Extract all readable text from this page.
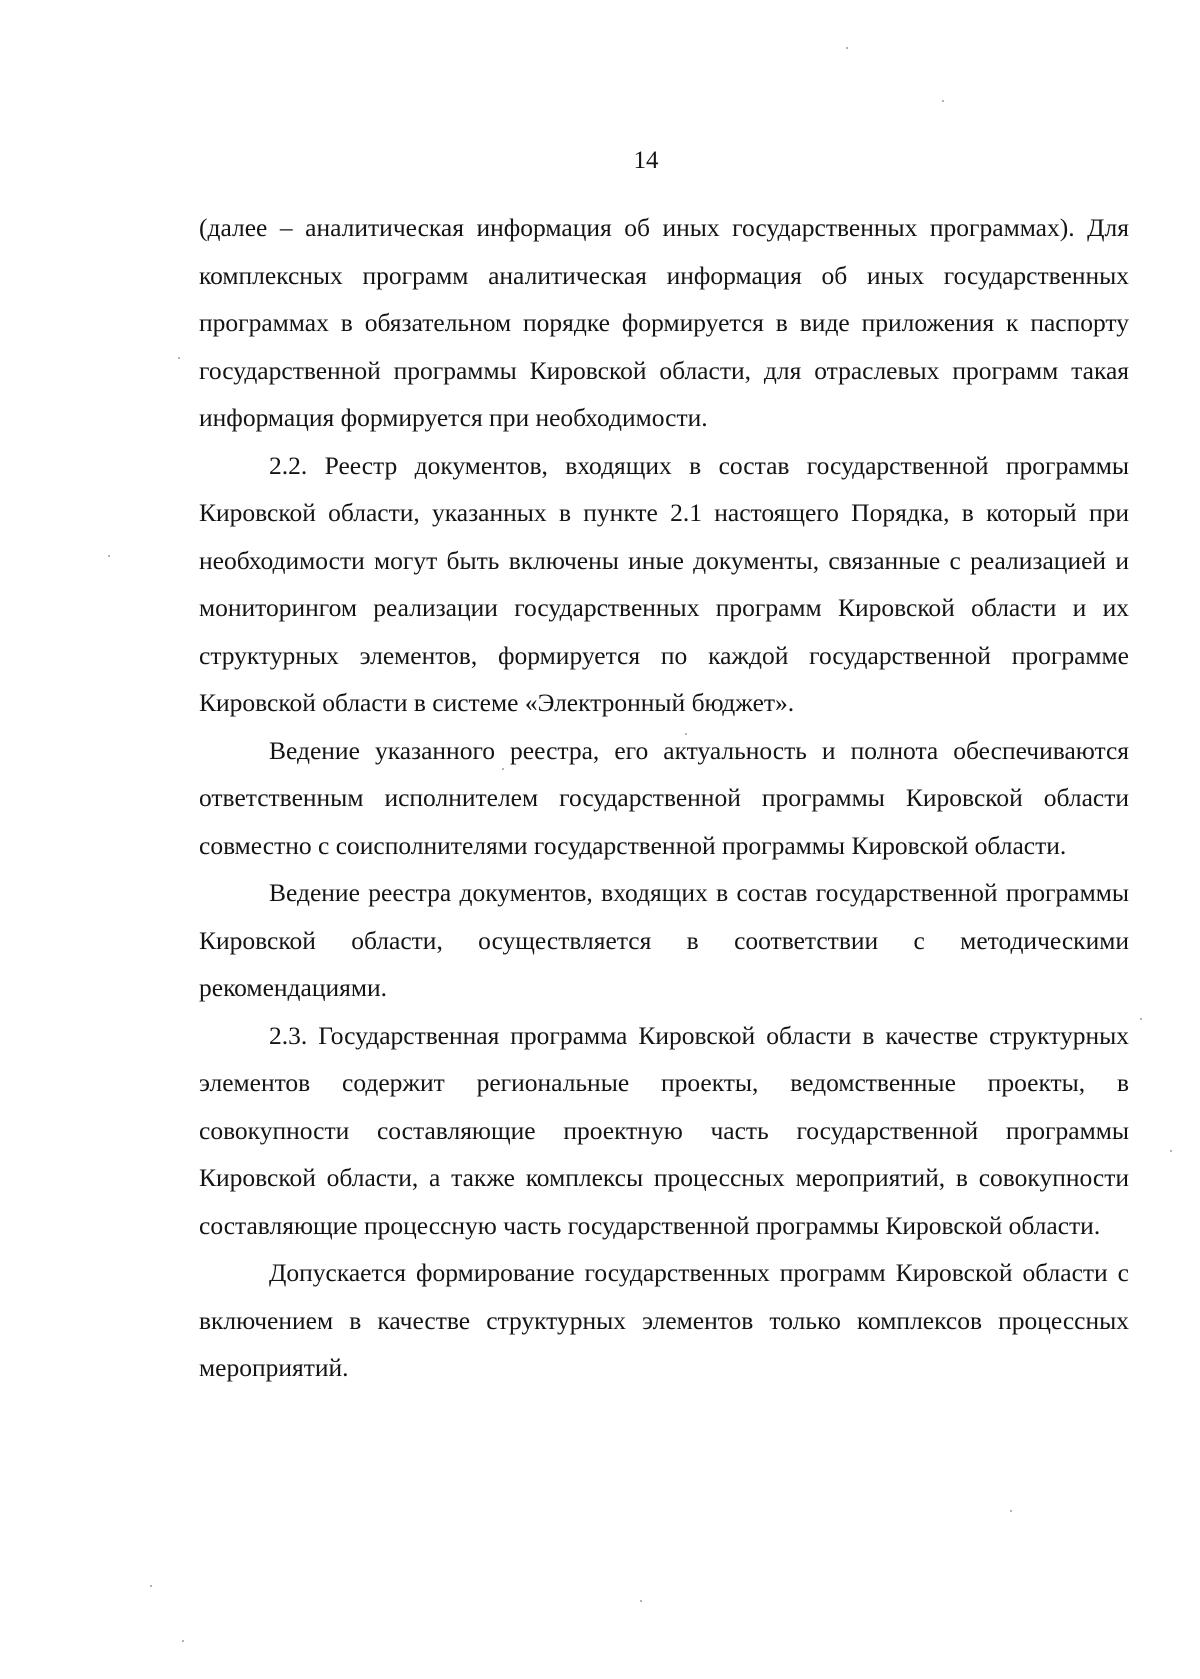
14

(далее – аналитическая информация об иных государственных программах). Для комплексных программ аналитическая информация об иных государственных программах в обязательном порядке формируется в виде приложения к паспорту государственной программы Кировской области, для отраслевых программ такая информация формируется при необходимости.

2.2. Реестр документов, входящих в состав государственной программы Кировской области, указанных в пункте 2.1 настоящего Порядка, в который при необходимости могут быть включены иные документы, связанные с реализацией и мониторингом реализации государственных программ Кировской области и их структурных элементов, формируется по каждой государственной программе Кировской области в системе «Электронный бюджет».

Ведение указанного реестра, его актуальность и полнота обеспечиваются ответственным исполнителем государственной программы Кировской области совместно с соисполнителями государственной программы Кировской области.

Ведение реестра документов, входящих в состав государственной программы Кировской области, осуществляется в соответствии с методическими рекомендациями.

2.3. Государственная программа Кировской области в качестве структурных элементов содержит региональные проекты, ведомственные проекты, в совокупности составляющие проектную часть государственной программы Кировской области, а также комплексы процессных мероприятий, в совокупности составляющие процессную часть государственной программы Кировской области.

Допускается формирование государственных программ Кировской области с включением в качестве структурных элементов только комплексов процессных мероприятий.
